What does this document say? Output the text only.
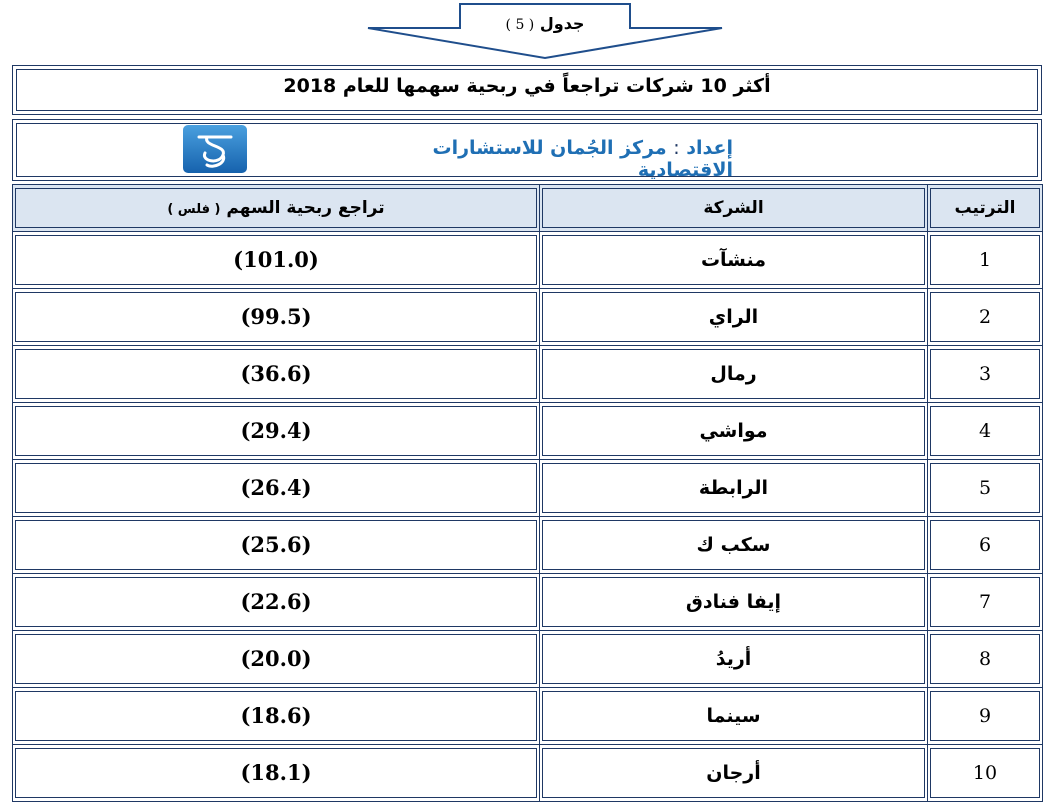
جدول ( 5 )
أكثر 10 شركات تراجعاً في ربحية سهمها للعام 2018
إعداد : مركز الجُمان للاستشارات الاقتصادية
تراجع ربحية السهم ( فلس )	الشركة	الترتيب

(101.0)	منشآت	1

(99.5)	الراي	2

(36.6)	رمال	3

(29.4)	مواشي	4

(26.4)	الرابطة	5

(25.6)	سكب ك	6

(22.6)	إيفا فنادق	7

(20.0)	أريدُ	8

(18.6)	سينما	9

(18.1)	أرجان	10
